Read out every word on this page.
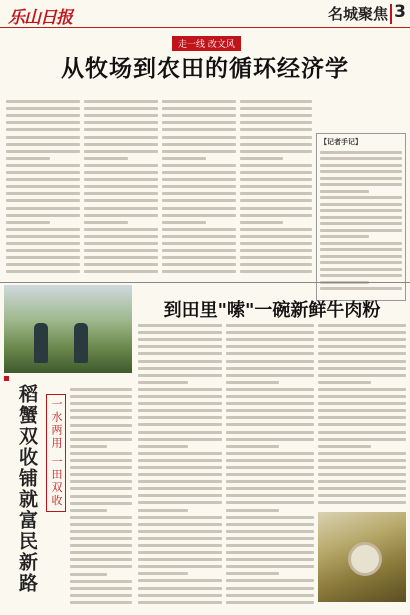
乐山日报	名城聚焦 3
走一线 改文风
从牧场到农田的循环经济学
【记者手记】
到田里"嗦"一碗新鲜牛肉粉
稻蟹双收铺就富民新路	一水两用 一田双收
